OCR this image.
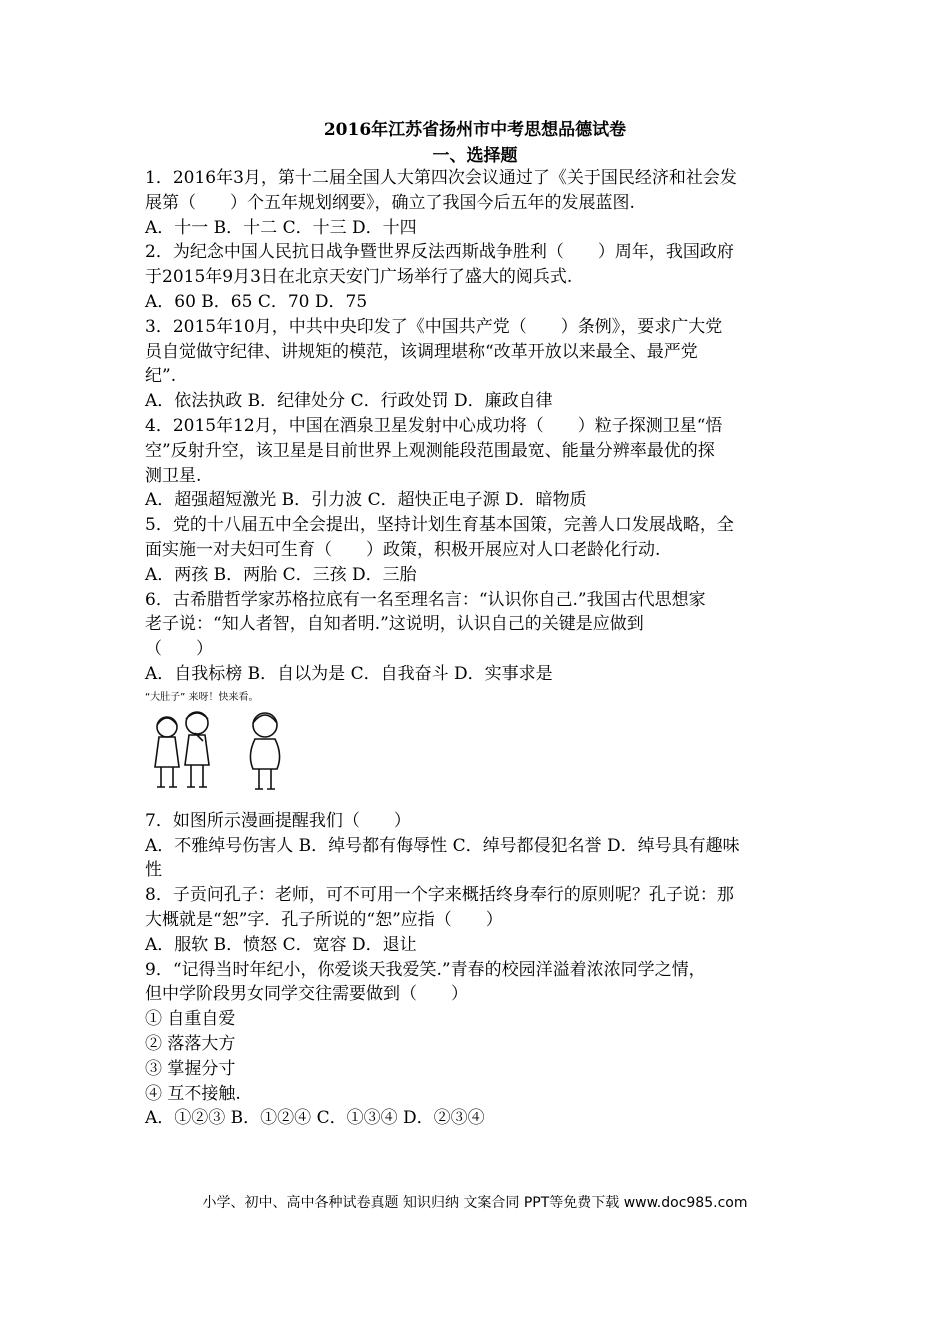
2016年江苏省扬州市中考思想品德试卷
一、选择题
1．2016年3月，第十二届全国人大第四次会议通过了《关于国民经济和社会发
展第（　　）个五年规划纲要》，确立了我国今后五年的发展蓝图.
A．十一 B．十二 C．十三 D．十四
2．为纪念中国人民抗日战争暨世界反法西斯战争胜利（　　）周年，我国政府
于2015年9月3日在北京天安门广场举行了盛大的阅兵式.
A．60 B．65 C．70 D．75
3．2015年10月，中共中央印发了《中国共产党（　　）条例》，要求广大党
员自觉做守纪律、讲规矩的模范，该调理堪称“改革开放以来最全、最严党
纪”.
A．依法执政 B．纪律处分 C．行政处罚 D．廉政自律
4．2015年12月，中国在酒泉卫星发射中心成功将（　　）粒子探测卫星“悟
空”反射升空，该卫星是目前世界上观测能段范围最宽、能量分辨率最优的探
测卫星.
A．超强超短激光 B．引力波 C．超快正电子源 D．暗物质
5．党的十八届五中全会提出，坚持计划生育基本国策，完善人口发展战略，全
面实施一对夫妇可生育（　　）政策，积极开展应对人口老龄化行动.
A．两孩 B．两胎 C．三孩 D．三胎
6．古希腊哲学家苏格拉底有一名至理名言：“认识你自己.”我国古代思想家
老子说：“知人者智，自知者明.”这说明，认识自己的关键是应做到
（　　）
A．自我标榜 B．自以为是 C．自我奋斗 D．实事求是
“大肚子” 来呀！快来看。
7．如图所示漫画提醒我们（　　）
A．不雅绰号伤害人 B．绰号都有侮辱性 C．绰号都侵犯名誉 D．绰号具有趣味
性
8．子贡问孔子：老师，可不可用一个字来概括终身奉行的原则呢？孔子说：那
大概就是“恕”字．孔子所说的“恕”应指（　　）
A．服软 B．愤怒 C．宽容 D．退让
9．“记得当时年纪小，你爱谈天我爱笑.”青春的校园洋溢着浓浓同学之情，
但中学阶段男女同学交往需要做到（　　）
① 自重自爱
② 落落大方
③ 掌握分寸
④ 互不接触.
A．①②③ B．①②④ C．①③④ D．②③④
小学、初中、高中各种试卷真题 知识归纳 文案合同 PPT等免费下载 www.doc985.com
